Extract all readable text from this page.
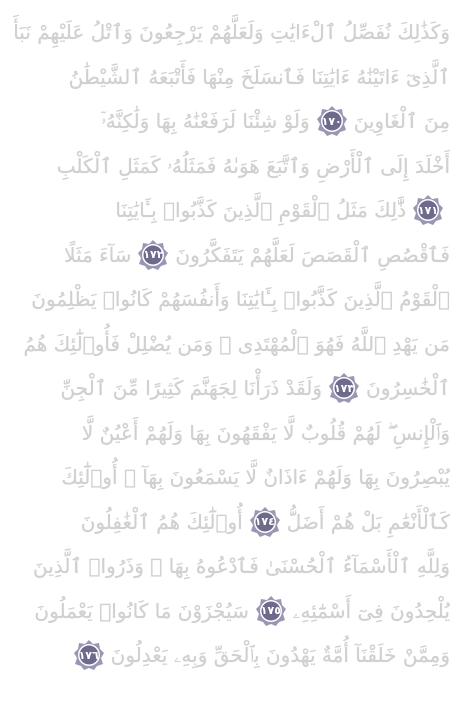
وَكَذَٰلِكَ نُفَصِّلُ ٱلْءَايَٰتِ وَلَعَلَّهُمْ يَرْجِعُونَ وَٱتْلُ عَلَيْهِمْ نَبَأَ
ٱلَّذِىٓ ءَاتَيْنَٰهُ ءَايَٰتِنَا فَٱنسَلَخَ مِنْهَا فَأَتْبَعَهُ ٱلشَّيْطَٰنُ
مِنَ ٱلْغَاوِينَ
١٧٠
وَلَوْ شِئْنَا لَرَفَعْنَٰهُ بِهَا وَلَٰكِنَّهُۥٓ
أَخْلَدَ إِلَى ٱلْأَرْضِ وَٱتَّبَعَ هَوَىٰهُ فَمَثَلُهُۥ كَمَثَلِ ٱلْكَلْبِ
١٧١
ذَّٰلِكَ مَثَلُ ٱلْقَوْمِ ٱلَّذِينَ كَذَّبُوا۟ بِـَٔايَٰتِنَا
فَٱقْصُصِ ٱلْقَصَصَ لَعَلَّهُمْ يَتَفَكَّرُونَ
١٧٢
سَآءَ مَثَلًا
ٱلْقَوْمُ ٱلَّذِينَ كَذَّبُوا۟ بِـَٔايَٰتِنَا وَأَنفُسَهُمْ كَانُوا۟ يَظْلِمُونَ
مَن يَهْدِ ٱللَّهُ فَهُوَ ٱلْمُهْتَدِى ۖ وَمَن يُضْلِلْ فَأُو۟لَٰٓئِكَ هُمُ
ٱلْخَٰسِرُونَ
١٧٣
وَلَقَدْ ذَرَأْنَا لِجَهَنَّمَ كَثِيرًا مِّنَ ٱلْجِنِّ
وَٱلْإِنسِ ۖ لَهُمْ قُلُوبٌ لَّا يَفْقَهُونَ بِهَا وَلَهُمْ أَعْيُنٌ لَّا
يُبْصِرُونَ بِهَا وَلَهُمْ ءَاذَانٌ لَّا يَسْمَعُونَ بِهَآ ۚ أُو۟لَٰٓئِكَ
كَٱلْأَنْعَٰمِ بَلْ هُمْ أَضَلُّ
١٧٤
أُو۟لَٰٓئِكَ هُمُ ٱلْغَٰفِلُونَ
وَلِلَّهِ ٱلْأَسْمَآءُ ٱلْحُسْنَىٰ فَٱدْعُوهُ بِهَا ۖ وَذَرُوا۟ ٱلَّذِينَ
يُلْحِدُونَ فِىٓ أَسْمَٰٓئِهِۦ
١٧٥
سَيُجْزَوْنَ مَا كَانُوا۟ يَعْمَلُونَ
وَمِمَّنْ خَلَقْنَآ أُمَّةٌ يَهْدُونَ بِٱلْحَقِّ وَبِهِۦ يَعْدِلُونَ
١٧٦
